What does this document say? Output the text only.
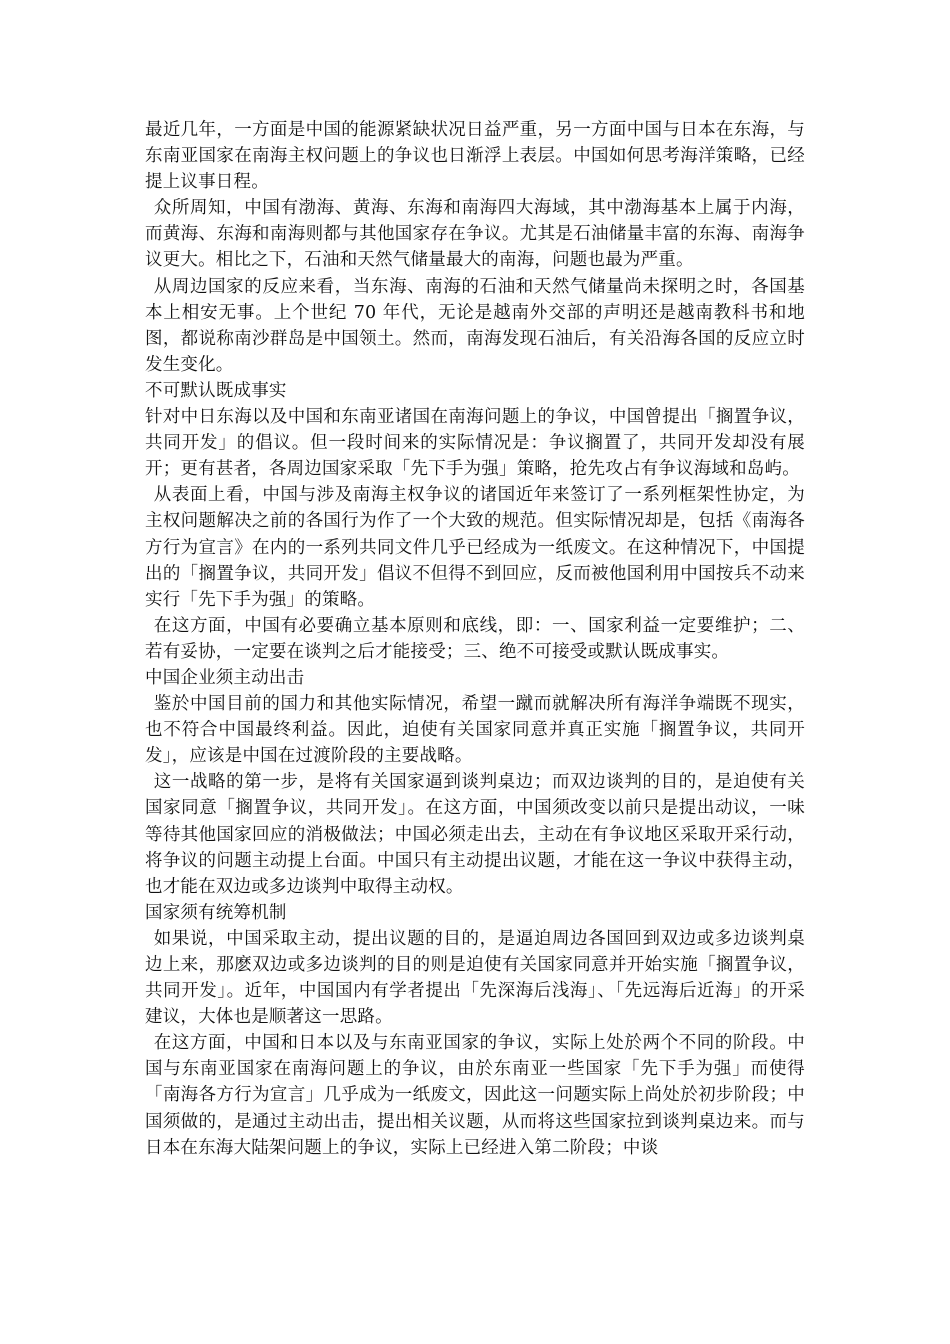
最近几年，一方面是中国的能源紧缺状况日益严重，另一方面中国与日本在东海，与东南亚国家在南海主权问题上的争议也日渐浮上表层。中国如何思考海洋策略，已经提上议事日程。

众所周知，中国有渤海、黄海、东海和南海四大海域，其中渤海基本上属于内海，而黄海、东海和南海则都与其他国家存在争议。尤其是石油储量丰富的东海、南海争议更大。相比之下，石油和天然气储量最大的南海，问题也最为严重。

从周边国家的反应来看，当东海、南海的石油和天然气储量尚未探明之时，各国基本上相安无事。上个世纪 70 年代，无论是越南外交部的声明还是越南教科书和地图，都说称南沙群岛是中国领土。然而，南海发现石油后，有关沿海各国的反应立时发生变化。

不可默认既成事实

针对中日东海以及中国和东南亚诸国在南海问题上的争议，中国曾提出「搁置争议，共同开发」的倡议。但一段时间来的实际情况是：争议搁置了，共同开发却没有展开；更有甚者，各周边国家采取「先下手为强」策略，抢先攻占有争议海域和岛屿。

从表面上看，中国与涉及南海主权争议的诸国近年来签订了一系列框架性协定，为主权问题解决之前的各国行为作了一个大致的规范。但实际情况却是，包括《南海各方行为宣言》在内的一系列共同文件几乎已经成为一纸废文。在这种情况下，中国提出的「搁置争议，共同开发」倡议不但得不到回应，反而被他国利用中国按兵不动来实行「先下手为强」的策略。

在这方面，中国有必要确立基本原则和底线，即：一、国家利益一定要维护；二、若有妥协，一定要在谈判之后才能接受；三、绝不可接受或默认既成事实。

中国企业须主动出击

鉴於中国目前的国力和其他实际情况，希望一蹴而就解决所有海洋争端既不现实，也不符合中国最终利益。因此，迫使有关国家同意并真正实施「搁置争议，共同开发」，应该是中国在过渡阶段的主要战略。

这一战略的第一步，是将有关国家逼到谈判桌边；而双边谈判的目的，是迫使有关国家同意「搁置争议，共同开发」。在这方面，中国须改变以前只是提出动议，一味等待其他国家回应的消极做法；中国必须走出去，主动在有争议地区采取开采行动，将争议的问题主动提上台面。中国只有主动提出议题，才能在这一争议中获得主动，也才能在双边或多边谈判中取得主动权。

国家须有统筹机制

如果说，中国采取主动，提出议题的目的，是逼迫周边各国回到双边或多边谈判桌边上来，那麽双边或多边谈判的目的则是迫使有关国家同意并开始实施「搁置争议，共同开发」。近年，中国国内有学者提出「先深海后浅海」、「先远海后近海」的开采建议，大体也是顺著这一思路。

在这方面，中国和日本以及与东南亚国家的争议，实际上处於两个不同的阶段。中国与东南亚国家在南海问题上的争议，由於东南亚一些国家「先下手为强」而使得「南海各方行为宣言」几乎成为一纸废文，因此这一问题实际上尚处於初步阶段；中国须做的，是通过主动出击，提出相关议题，从而将这些国家拉到谈判桌边来。而与日本在东海大陆架问题上的争议，实际上已经进入第二阶段；中谈
